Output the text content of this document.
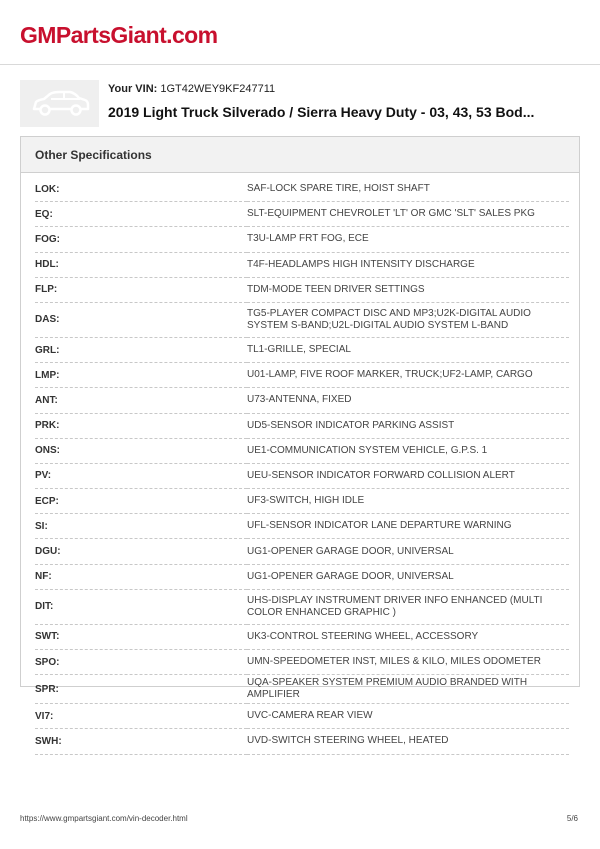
GMPartsGiant.com
Your VIN: 1GT42WEY9KF247711
2019 Light Truck Silverado / Sierra Heavy Duty - 03, 43, 53 Bod...
Other Specifications
LOK:	SAF-LOCK SPARE TIRE, HOIST SHAFT
EQ:	SLT-EQUIPMENT CHEVROLET 'LT' OR GMC 'SLT' SALES PKG
FOG:	T3U-LAMP FRT FOG, ECE
HDL:	T4F-HEADLAMPS HIGH INTENSITY DISCHARGE
FLP:	TDM-MODE TEEN DRIVER SETTINGS
DAS:	TG5-PLAYER COMPACT DISC AND MP3;U2K-DIGITAL AUDIO SYSTEM S-BAND;U2L-DIGITAL AUDIO SYSTEM L-BAND
GRL:	TL1-GRILLE, SPECIAL
LMP:	U01-LAMP, FIVE ROOF MARKER, TRUCK;UF2-LAMP, CARGO
ANT:	U73-ANTENNA, FIXED
PRK:	UD5-SENSOR INDICATOR PARKING ASSIST
ONS:	UE1-COMMUNICATION SYSTEM VEHICLE, G.P.S. 1
PV:	UEU-SENSOR INDICATOR FORWARD COLLISION ALERT
ECP:	UF3-SWITCH, HIGH IDLE
SI:	UFL-SENSOR INDICATOR LANE DEPARTURE WARNING
DGU:	UG1-OPENER GARAGE DOOR, UNIVERSAL
NF:	UG1-OPENER GARAGE DOOR, UNIVERSAL
DIT:	UHS-DISPLAY INSTRUMENT DRIVER INFO ENHANCED (MULTI COLOR ENHANCED GRAPHIC )
SWT:	UK3-CONTROL STEERING WHEEL, ACCESSORY
SPO:	UMN-SPEEDOMETER INST, MILES & KILO, MILES ODOMETER
SPR:	UQA-SPEAKER SYSTEM PREMIUM AUDIO BRANDED WITH AMPLIFIER
VI7:	UVC-CAMERA REAR VIEW
SWH:	UVD-SWITCH STEERING WHEEL, HEATED
https://www.gmpartsgiant.com/vin-decoder.html	5/6
